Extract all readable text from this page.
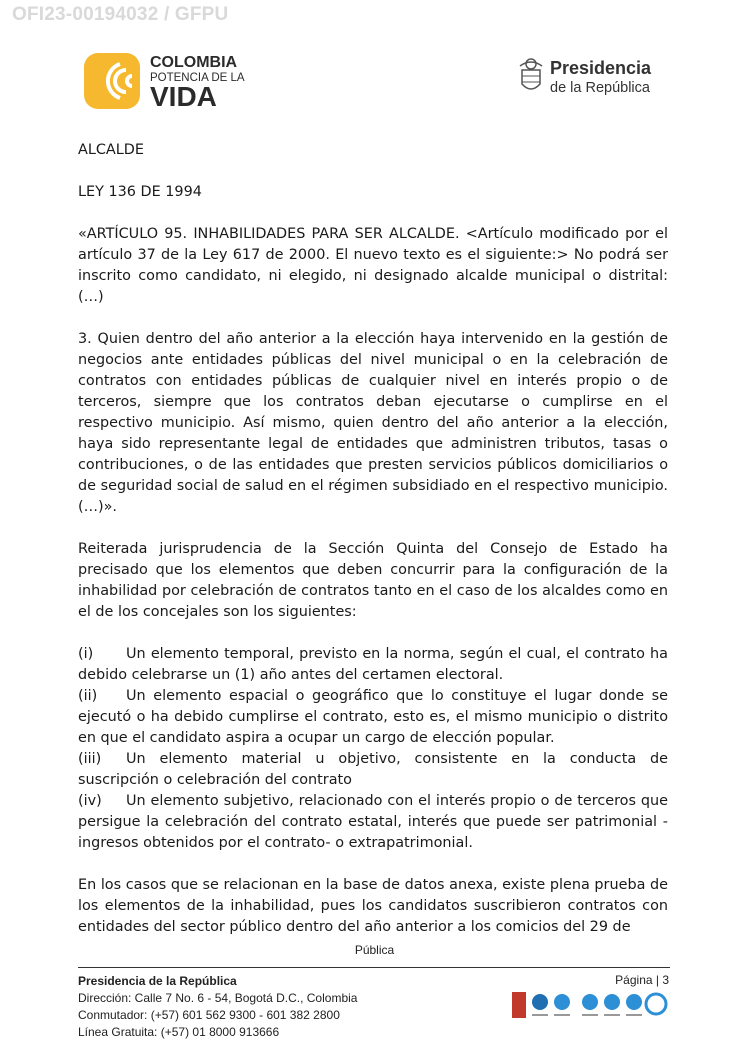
OFI23-00194032 / GFPU
COLOMBIA
POTENCIA DE LA
VIDA
Presidencia
de la República

ALCALDE

LEY 136 DE 1994

«ARTÍCULO 95. INHABILIDADES PARA SER ALCALDE. <Artículo modificado por el artículo 37 de la Ley 617 de 2000. El nuevo texto es el siguiente:> No podrá ser inscrito como candidato, ni elegido, ni designado alcalde municipal o distrital: (…)

3. Quien dentro del año anterior a la elección haya intervenido en la gestión de negocios ante entidades públicas del nivel municipal o en la celebración de contratos con entidades públicas de cualquier nivel en interés propio o de terceros, siempre que los contratos deban ejecutarse o cumplirse en el respectivo municipio. Así mismo, quien dentro del año anterior a la elección, haya sido representante legal de entidades que administren tributos, tasas o contribuciones, o de las entidades que presten servicios públicos domiciliarios o de seguridad social de salud en el régimen subsidiado en el respectivo municipio. (…)».

Reiterada jurisprudencia de la Sección Quinta del Consejo de Estado ha precisado que los elementos que deben concurrir para la configuración de la inhabilidad por celebración de contratos tanto en el caso de los alcaldes como en el de los concejales son los siguientes:

(i) Un elemento temporal, previsto en la norma, según el cual, el contrato ha debido celebrarse un (1) año antes del certamen electoral.
(ii) Un elemento espacial o geográfico que lo constituye el lugar donde se ejecutó o ha debido cumplirse el contrato, esto es, el mismo municipio o distrito en que el candidato aspira a ocupar un cargo de elección popular.
(iii) Un elemento material u objetivo, consistente en la conducta de suscripción o celebración del contrato
(iv) Un elemento subjetivo, relacionado con el interés propio o de terceros que persigue la celebración del contrato estatal, interés que puede ser patrimonial - ingresos obtenidos por el contrato- o extrapatrimonial.

En los casos que se relacionan en la base de datos anexa, existe plena prueba de los elementos de la inhabilidad, pues los candidatos suscribieron contratos con entidades del sector público dentro del año anterior a los comicios del 29 de

Pública
Presidencia de la República
Dirección: Calle 7 No. 6 - 54, Bogotá D.C., Colombia
Conmutador: (+57) 601 562 9300 - 601 382 2800
Línea Gratuita: (+57) 01 8000 913666
Página | 3
